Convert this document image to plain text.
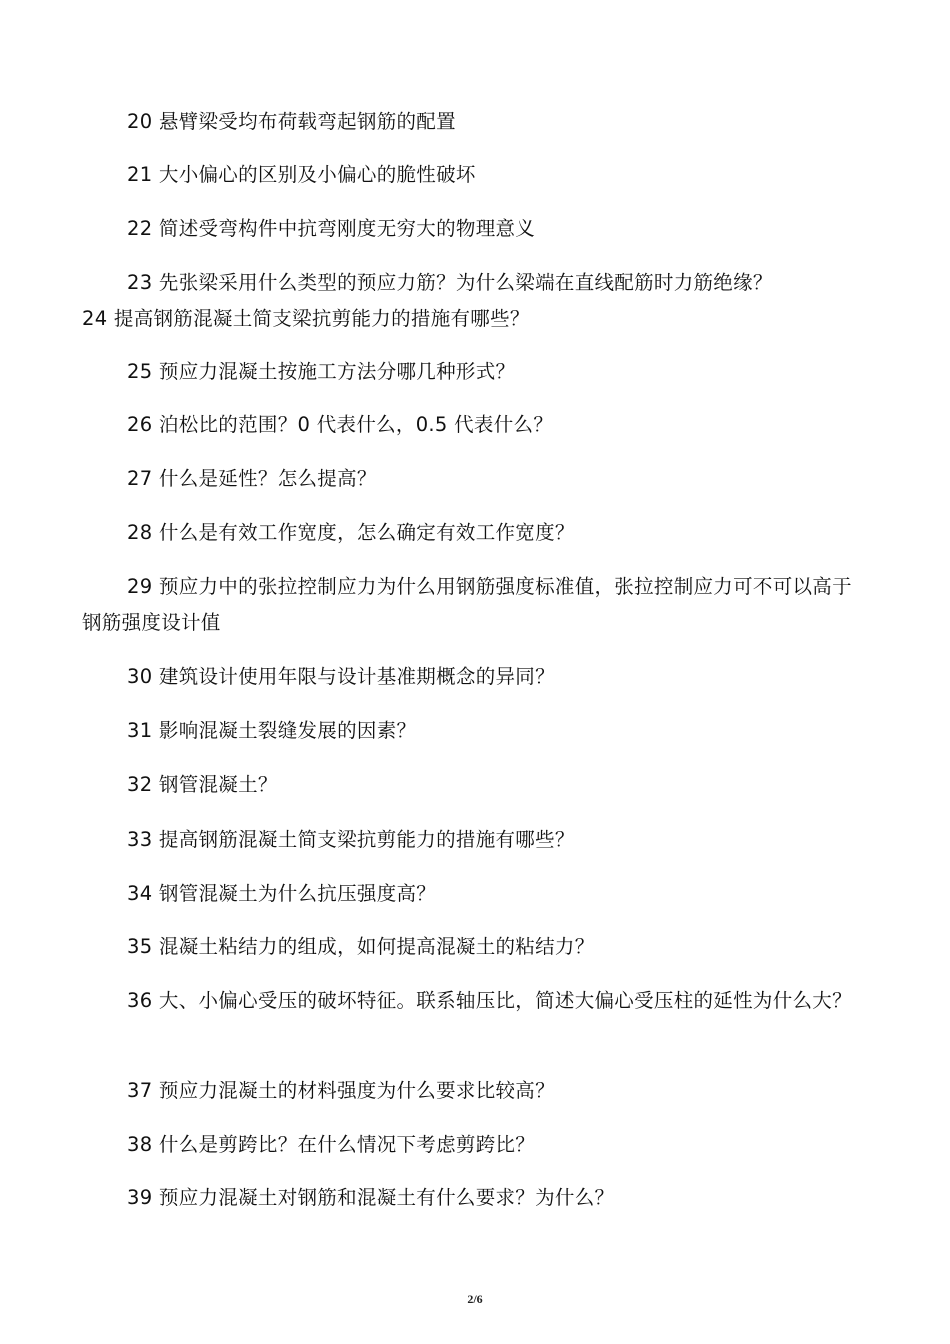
20 悬臂梁受均布荷载弯起钢筋的配置
21 大小偏心的区别及小偏心的脆性破坏
22 简述受弯构件中抗弯刚度无穷大的物理意义
23 先张梁采用什么类型的预应力筋？为什么梁端在直线配筋时力筋绝缘？
24 提高钢筋混凝土简支梁抗剪能力的措施有哪些？
25 预应力混凝土按施工方法分哪几种形式？
26 泊松比的范围？0 代表什么，0.5 代表什么？
27 什么是延性？怎么提高？
28 什么是有效工作宽度，怎么确定有效工作宽度？
29 预应力中的张拉控制应力为什么用钢筋强度标准值，张拉控制应力可不可以高于钢筋强度设计值
30 建筑设计使用年限与设计基准期概念的异同？
31 影响混凝土裂缝发展的因素？
32 钢管混凝土？
33 提高钢筋混凝土简支梁抗剪能力的措施有哪些？
34 钢管混凝土为什么抗压强度高？
35 混凝土粘结力的组成，如何提高混凝土的粘结力？
36 大、小偏心受压的破坏特征。联系轴压比，简述大偏心受压柱的延性为什么大？
37 预应力混凝土的材料强度为什么要求比较高？
38 什么是剪跨比？在什么情况下考虑剪跨比？
39 预应力混凝土对钢筋和混凝土有什么要求？为什么？
2/6
